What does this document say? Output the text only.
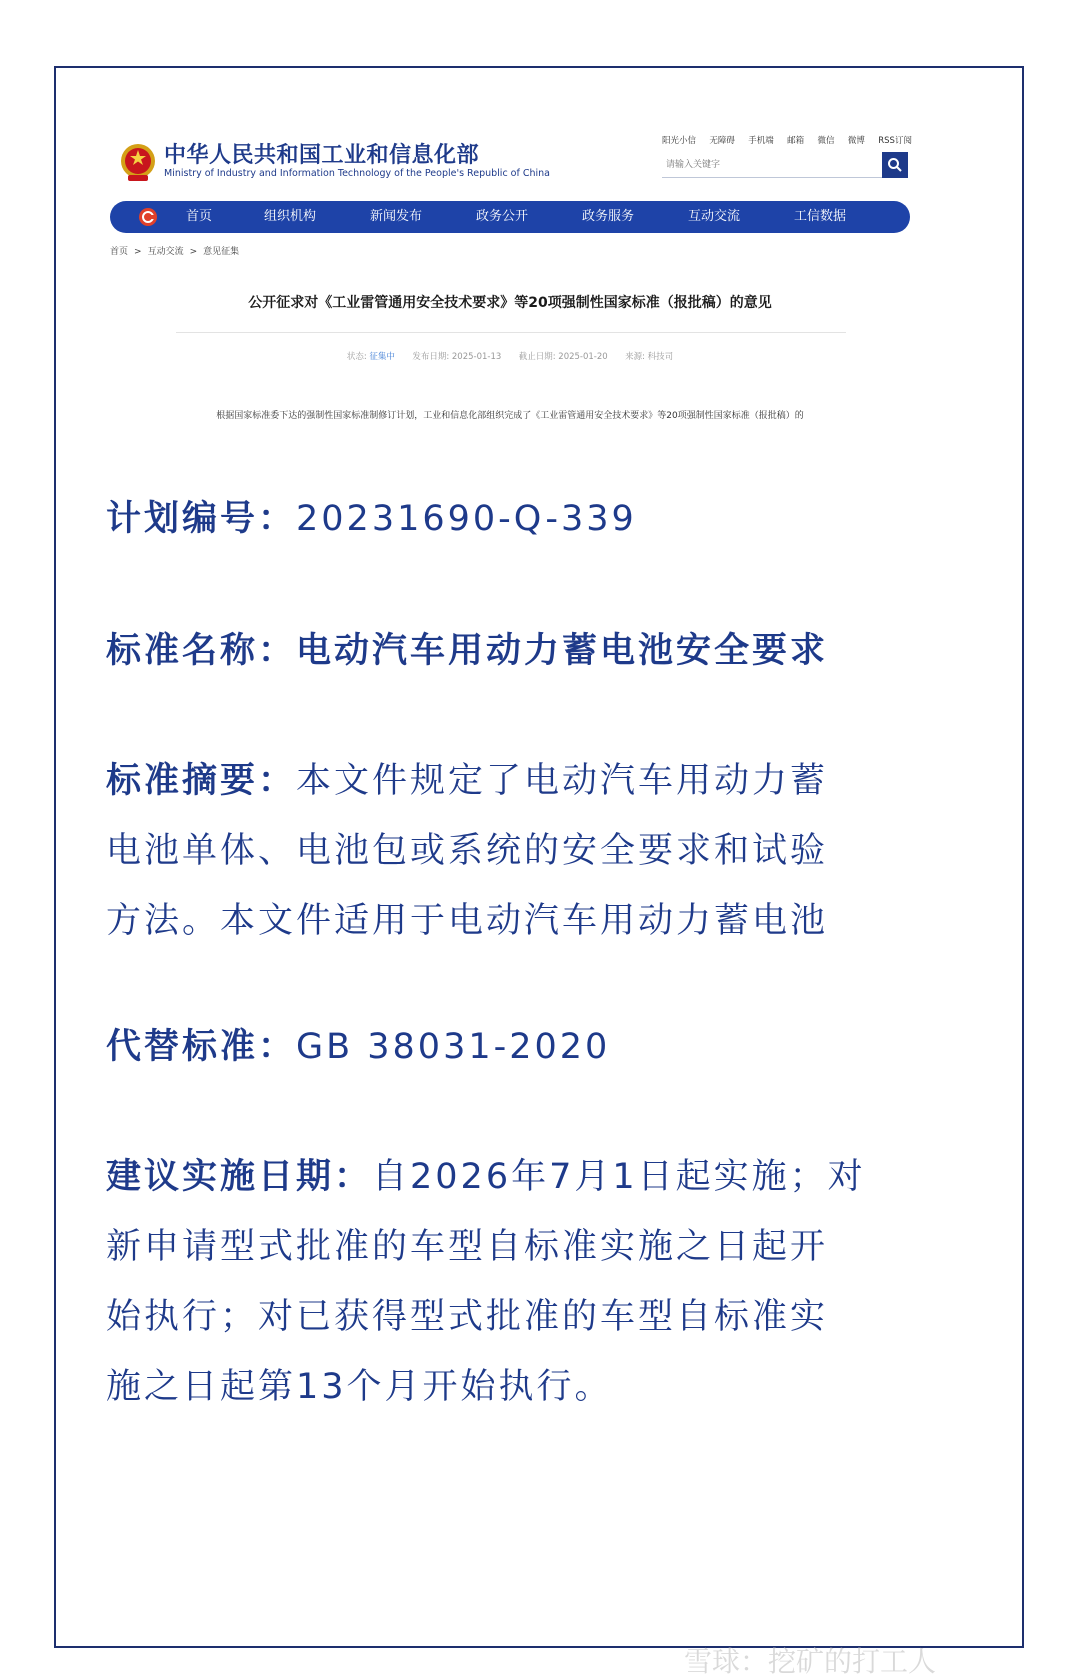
中华人民共和国工业和信息化部
Ministry of Industry and Information Technology of the People's Republic of China
阳光小信 无障碍 手机端 邮箱 微信 微博 RSS订阅
请输入关键字
首页	组织机构	新闻发布	政务公开	政务服务	互动交流	工信数据
首页 > 互动交流 > 意见征集
公开征求对《工业雷管通用安全技术要求》等20项强制性国家标准（报批稿）的意见
状态: 征集中 发布日期: 2025-01-13 截止日期: 2025-01-20 来源: 科技司
根据国家标准委下达的强制性国家标准制修订计划，工业和信息化部组织完成了《工业雷管通用安全技术要求》等20项强制性国家标准（报批稿）的
计划编号：20231690-Q-339
标准名称：电动汽车用动力蓄电池安全要求
标准摘要：本文件规定了电动汽车用动力蓄
电池单体、电池包或系统的安全要求和试验
方法。本文件适用于电动汽车用动力蓄电池
代替标准：GB 38031-2020
建议实施日期：自2026年7月1日起实施；对
新申请型式批准的车型自标准实施之日起开
始执行；对已获得型式批准的车型自标准实
施之日起第13个月开始执行。
雪球：挖矿的打工人
